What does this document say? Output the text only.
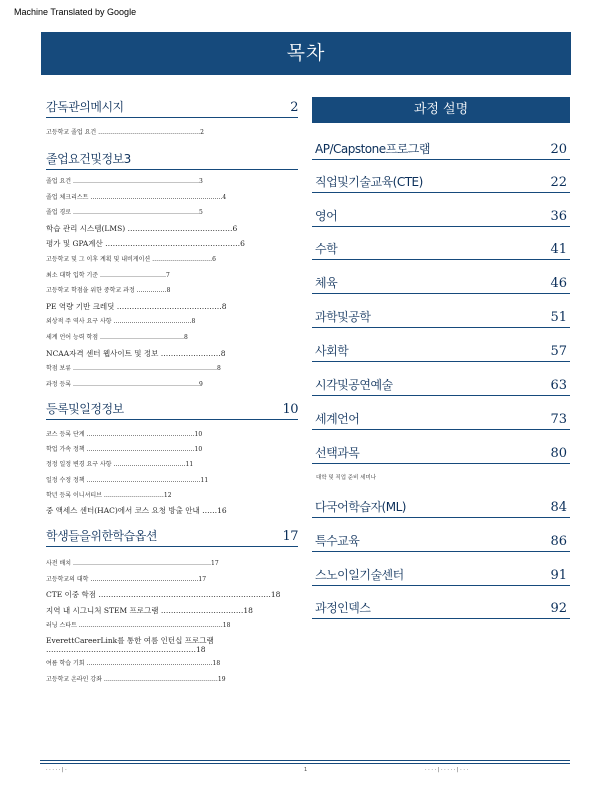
Machine Translated by Google
목차
감독관의메시지	2
고등학교 졸업 요건 ……………………………………………2
졸업요건및정보3
졸업 요건 ………………………………………………………3
졸업 체크리스트 …………………………………………………………4
졸업 경로 ………………………………………………………5
학습 관리 시스템(LMS) ……………………………………6
평가 및 GPA계산 ………………………………………………6
고등학교 및 그 이후 계획 및 내비게이션 …………………………6
최소 대학 입학 기준 ……………………………7
고등학교 학점을 위한 중학교 과정 ……………8
PE 역량 기반 크레딧 ……………………………………8
외상적 주 역사 요구 사항 …………………………………8
세계 언어 능력 학점 ……………………………………8
NCAA자격 센터 웹사이트 및 정보 ……………………8
학점 보류 ………………………………………………………………8
과정 등록 ………………………………………………………9
등록및일정정보	10
코스 등록 단계 ………………………………………………10
학업 가속 정책 ………………………………………………10
정정 일정 변경 요구 사항 ………………………………11
일정 수정 정책 …………………………………………………11
학년 등록 이니셔티브 …………………………12
중 액세스 센터(HAC)에서 코스 요청 방출 안내 ……16
학생들을위한학습옵션	17
사전 배치 ……………………………………………………………17
고등학교의 대학 ………………………………………………17
CTE 이중 학점 ……………………………………………………………18
지역 내 시그니처 STEM 프로그램 ……………………………18
러닝 스타트 ………………………………………………………………18
EverettCareerLink를 통한 여름 인턴십 프로그램 ……………………………………………………18
여름 학습 기회 ………………………………………………………18
고등학교 온라인 강좌 …………………………………………………19
과정 설명
AP/Capstone프로그램	20
직업및기술교육(CTE)	22
영어	36
수학	41
체육	46
과학및공학	51
사회학	57
시각및공연예술	63
세계언어	73
선택과목	80
대학 및 직업 준비 세미나
다국어학습자(ML)	84
특수교육	86
스노이일기술센터	91
과정인덱스	92
· · · · · | ·	1	· · · · | · · · · · | · · ·
